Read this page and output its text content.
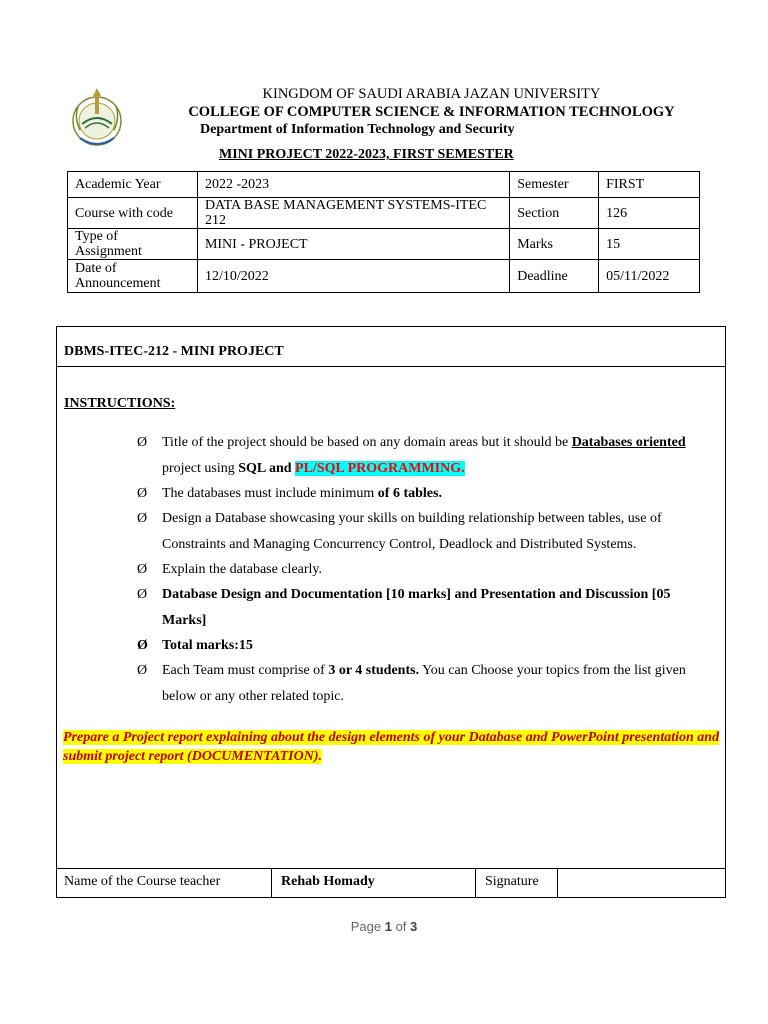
KINGDOM OF SAUDI ARABIA JAZAN UNIVERSITY
COLLEGE OF COMPUTER SCIENCE & INFORMATION TECHNOLOGY
Department of Information Technology and Security
MINI PROJECT 2022-2023, FIRST SEMESTER
Academic Year	2022 -2023	Semester	FIRST
Course with code	DATA BASE MANAGEMENT SYSTEMS-ITEC 212	Section	126
Type of Assignment	MINI - PROJECT	Marks	15
Date of Announcement	12/10/2022	Deadline	05/11/2022
DBMS-ITEC-212 - MINI PROJECT
INSTRUCTIONS:
Ø Title of the project should be based on any domain areas but it should be Databases oriented project using SQL and PL/SQL PROGRAMMING.
Ø The databases must include minimum of 6 tables.
Ø Design a Database showcasing your skills on building relationship between tables, use of Constraints and Managing Concurrency Control, Deadlock and Distributed Systems.
Ø Explain the database clearly.
Ø Database Design and Documentation [10 marks] and Presentation and Discussion [05 Marks]
Ø Total marks:15
Ø Each Team must comprise of 3 or 4 students. You can Choose your topics from the list given below or any other related topic.
Prepare a Project report explaining about the design elements of your Database and PowerPoint presentation and submit project report (DOCUMENTATION).
Name of the Course teacher	Rehab Homady	Signature
Page 1 of 3
